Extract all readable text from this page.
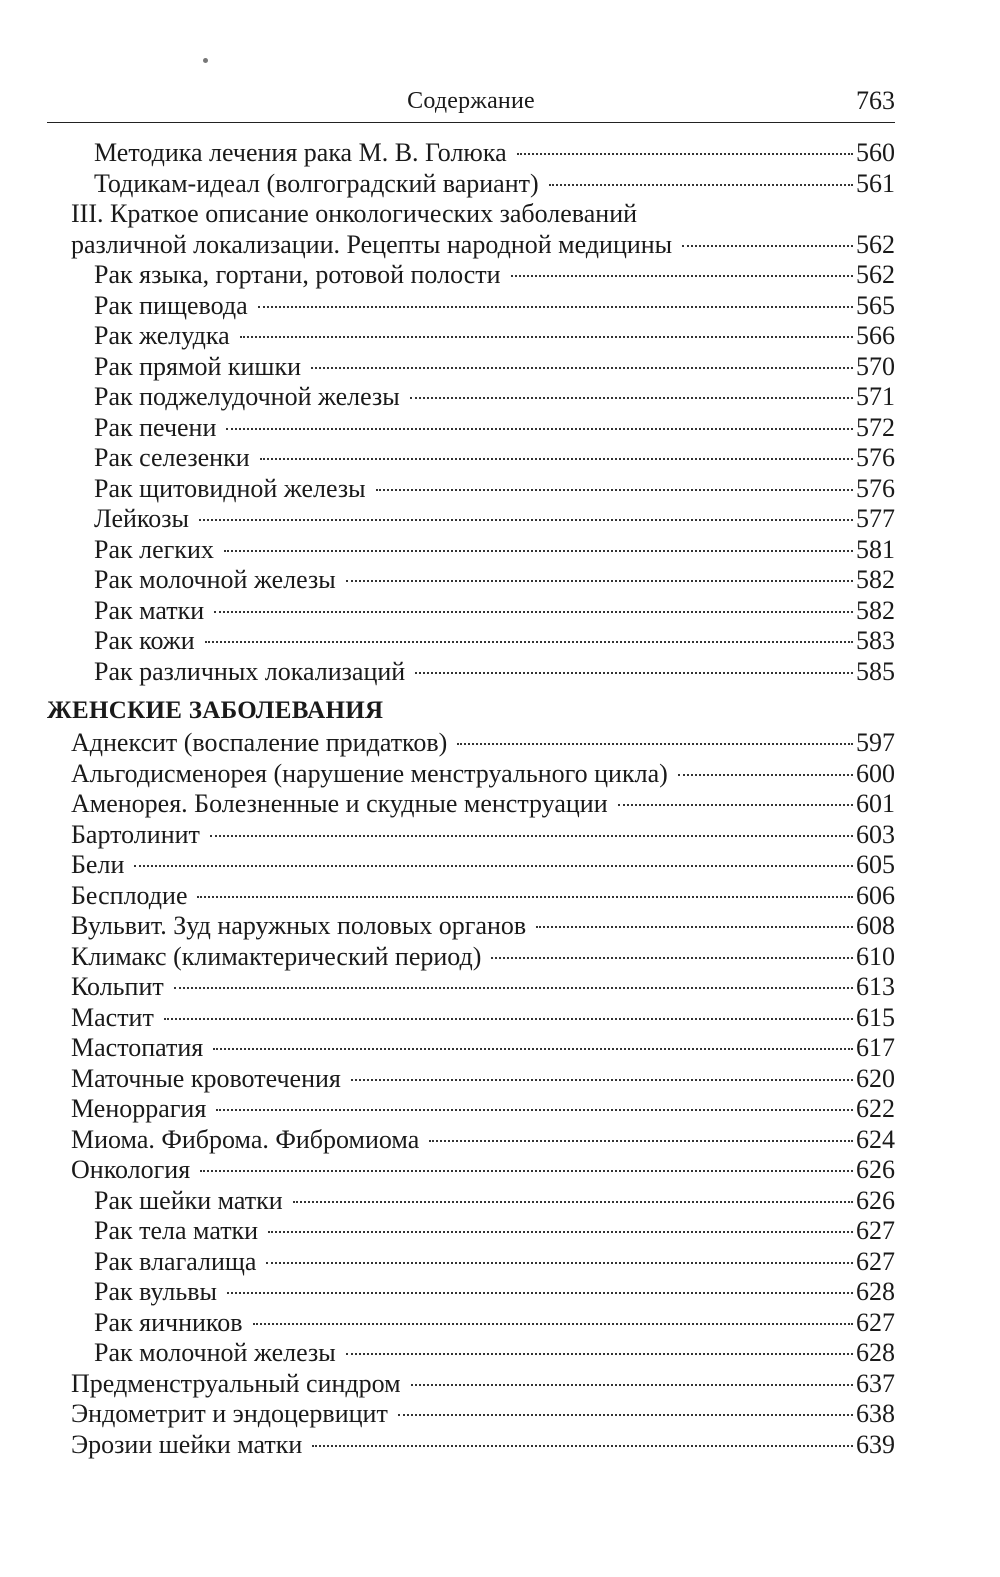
Содержание	763
Методика лечения рака М. В. Голюка	560
Тодикам-идеал (волгоградский вариант)	561
III. Краткое описание онкологических заболеваний
различной локализации. Рецепты народной медицины	562
Рак языка, гортани, ротовой полости	562
Рак пищевода	565
Рак желудка	566
Рак прямой кишки	570
Рак поджелудочной железы	571
Рак печени	572
Рак селезенки	576
Рак щитовидной железы	576
Лейкозы	577
Рак легких	581
Рак молочной железы	582
Рак матки	582
Рак кожи	583
Рак различных локализаций	585
ЖЕНСКИЕ ЗАБОЛЕВАНИЯ
Аднексит (воспаление придатков)	597
Альгодисменорея (нарушение менструального цикла)	600
Аменорея. Болезненные и скудные менструации	601
Бартолинит	603
Бели	605
Бесплодие	606
Вульвит. Зуд наружных половых органов	608
Климакс (климактерический период)	610
Кольпит	613
Мастит	615
Мастопатия	617
Маточные кровотечения	620
Меноррагия	622
Миома. Фиброма. Фибромиома	624
Онкология	626
Рак шейки матки	626
Рак тела матки	627
Рак влагалища	627
Рак вульвы	628
Рак яичников	627
Рак молочной железы	628
Предменструальный синдром	637
Эндометрит и эндоцервицит	638
Эрозии шейки матки	639
